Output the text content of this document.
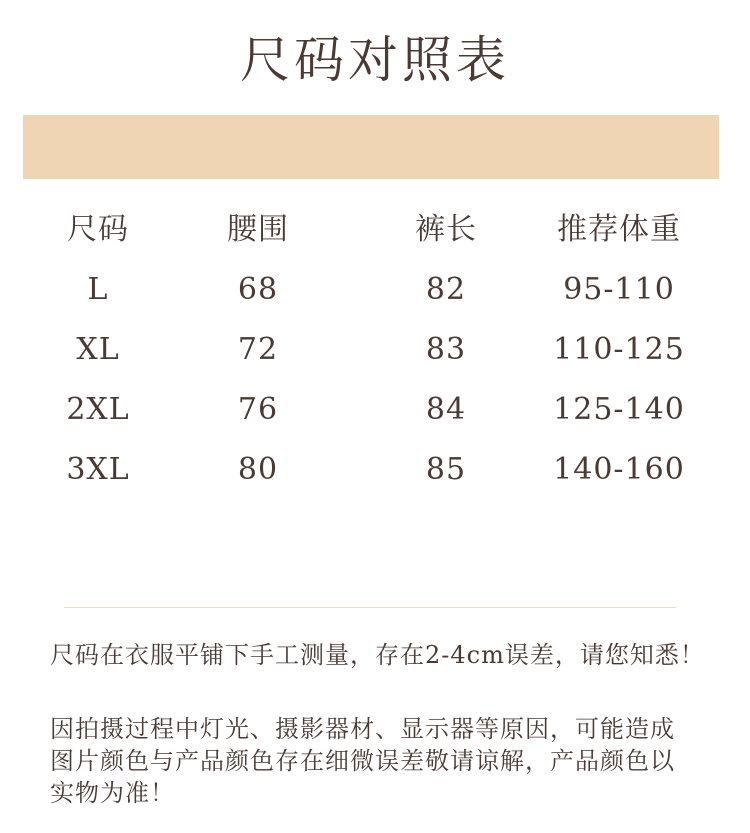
尺码对照表
尺码	腰围	裤长	推荐体重
L	68	82	95-110
XL	72	83	110-125
2XL	76	84	125-140
3XL	80	85	140-160
尺码在衣服平铺下手工测量，存在2-4cm误差，请您知悉！
因拍摄过程中灯光、摄影器材、显示器等原因，可能造成
图片颜色与产品颜色存在细微误差敬请谅解，产品颜色以
实物为准！
